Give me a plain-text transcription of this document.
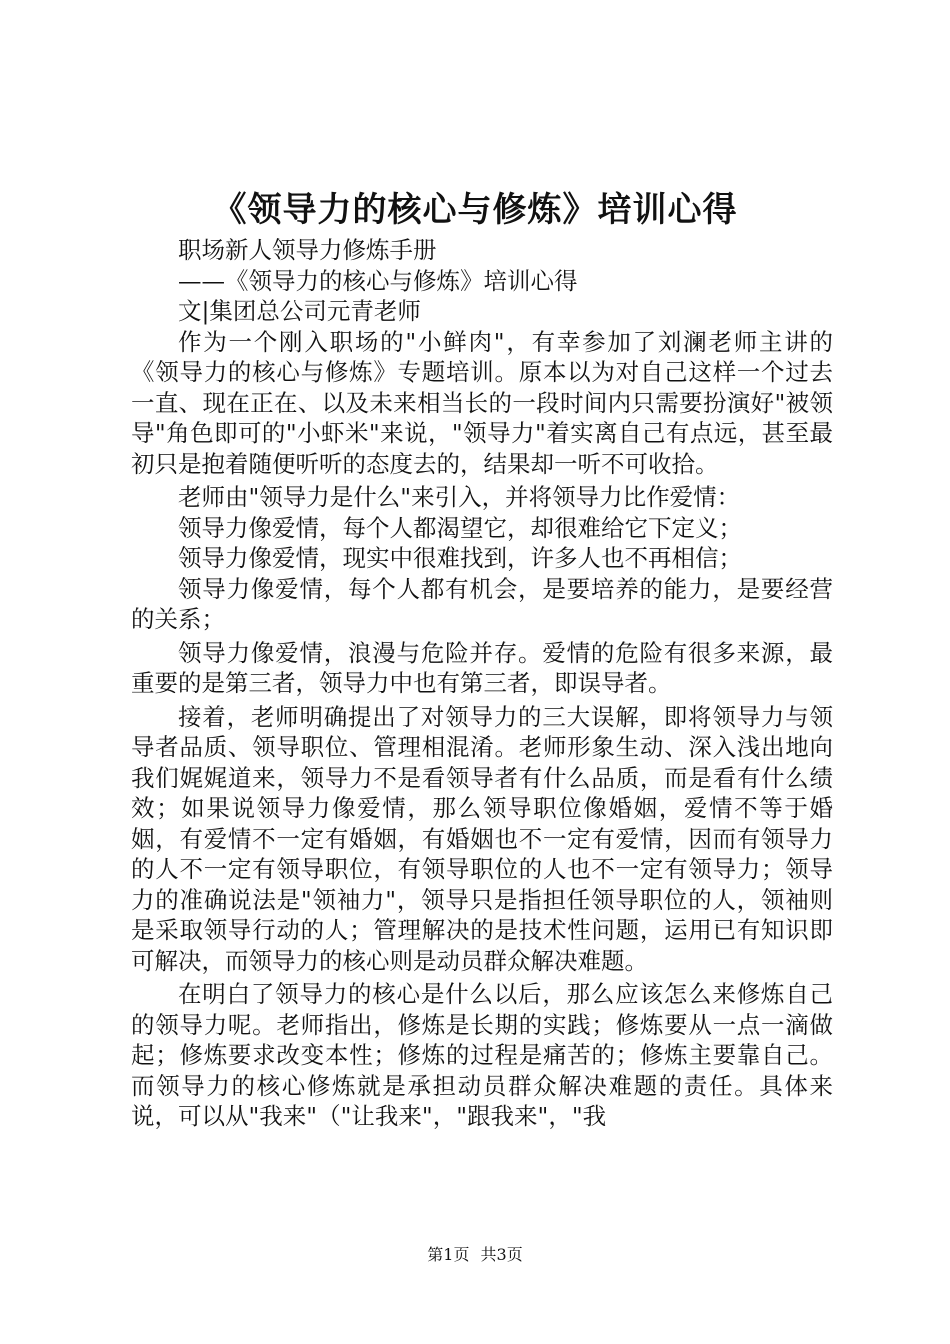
《领导力的核心与修炼》培训心得

职场新人领导力修炼手册

——《领导力的核心与修炼》培训心得

文|集团总公司元青老师

作为一个刚入职场的"小鲜肉"，有幸参加了刘澜老师主讲的《领导力的核心与修炼》专题培训。原本以为对自己这样一个过去一直、现在正在、以及未来相当长的一段时间内只需要扮演好"被领导"角色即可的"小虾米"来说，"领导力"着实离自己有点远，甚至最初只是抱着随便听听的态度去的，结果却一听不可收拾。

老师由"领导力是什么"来引入，并将领导力比作爱情：

领导力像爱情，每个人都渴望它，却很难给它下定义；

领导力像爱情，现实中很难找到，许多人也不再相信；

领导力像爱情，每个人都有机会，是要培养的能力，是要经营的关系；

领导力像爱情，浪漫与危险并存。爱情的危险有很多来源，最重要的是第三者，领导力中也有第三者，即误导者。

接着，老师明确提出了对领导力的三大误解，即将领导力与领导者品质、领导职位、管理相混淆。老师形象生动、深入浅出地向我们娓娓道来，领导力不是看领导者有什么品质，而是看有什么绩效；如果说领导力像爱情，那么领导职位像婚姻，爱情不等于婚姻，有爱情不一定有婚姻，有婚姻也不一定有爱情，因而有领导力的人不一定有领导职位，有领导职位的人也不一定有领导力；领导力的准确说法是"领袖力"，领导只是指担任领导职位的人，领袖则是采取领导行动的人；管理解决的是技术性问题，运用已有知识即可解决，而领导力的核心则是动员群众解决难题。

在明白了领导力的核心是什么以后，那么应该怎么来修炼自己的领导力呢。老师指出，修炼是长期的实践；修炼要从一点一滴做起；修炼要求改变本性；修炼的过程是痛苦的；修炼主要靠自己。而领导力的核心修炼就是承担动员群众解决难题的责任。具体来说，可以从"我来"（"让我来"，"跟我来"，"我

第1页 共3页
